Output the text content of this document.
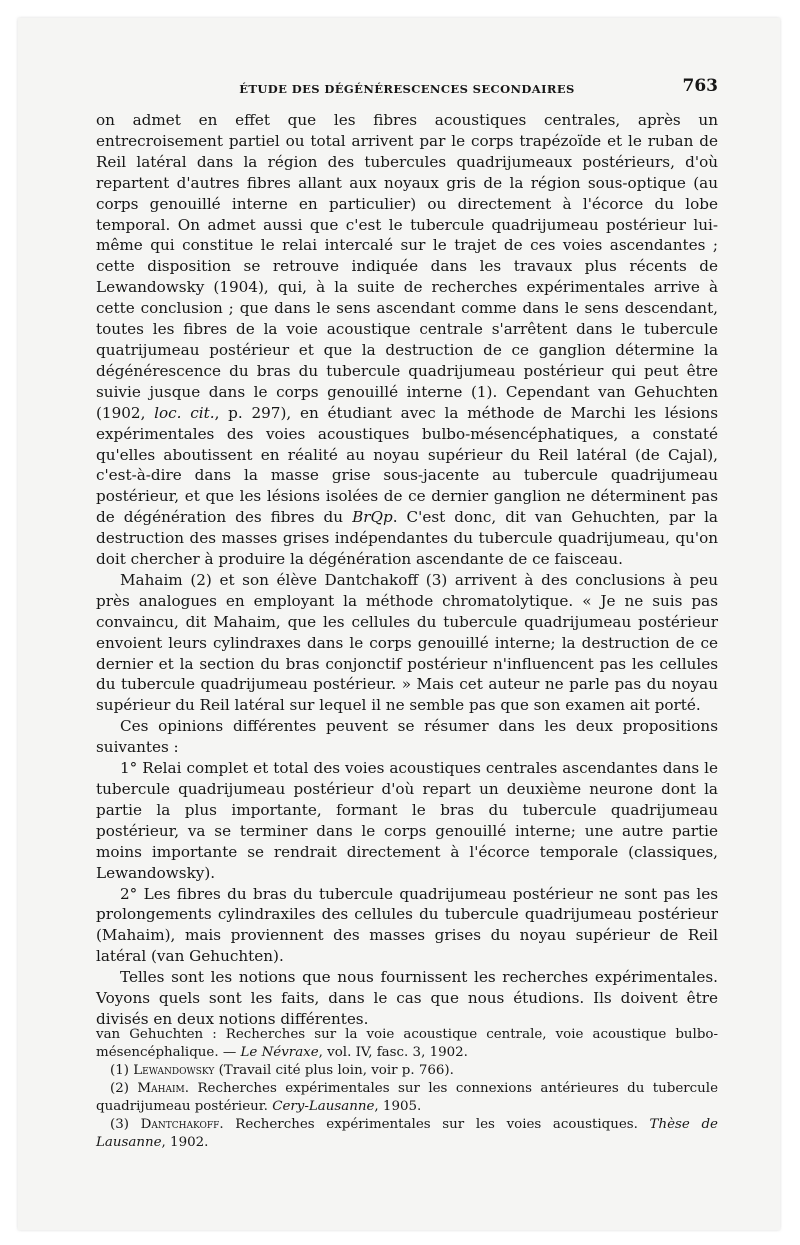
ÉTUDE DES DÉGÉNÉRESCENCES SECONDAIRES	763

on admet en effet que les fibres acoustiques centrales, après un entrecroisement partiel ou total arrivent par le corps trapézoïde et le ruban de Reil latéral dans la région des tubercules quadrijumeaux postérieurs, d'où repartent d'autres fibres allant aux noyaux gris de la région sous-optique (au corps genouillé interne en particulier) ou directement à l'écorce du lobe temporal. On admet aussi que c'est le tubercule quadrijumeau postérieur lui-même qui constitue le relai intercalé sur le trajet de ces voies ascendantes ; cette disposition se retrouve indiquée dans les travaux plus récents de Lewandowsky (1904), qui, à la suite de recherches expérimentales arrive à cette conclusion ; que dans le sens ascendant comme dans le sens descendant, toutes les fibres de la voie acoustique centrale s'arrêtent dans le tubercule quatrijumeau postérieur et que la destruction de ce ganglion détermine la dégénérescence du bras du tubercule quadrijumeau postérieur qui peut être suivie jusque dans le corps genouillé interne (1). Cependant van Gehuchten (1902, loc. cit., p. 297), en étudiant avec la méthode de Marchi les lésions expérimentales des voies acoustiques bulbo-mésencéphatiques, a constaté qu'elles aboutissent en réalité au noyau supérieur du Reil latéral (de Cajal), c'est-à-dire dans la masse grise sous-jacente au tubercule quadrijumeau postérieur, et que les lésions isolées de ce dernier ganglion ne déterminent pas de dégénération des fibres du BrQp. C'est donc, dit van Gehuchten, par la destruction des masses grises indépendantes du tubercule quadrijumeau, qu'on doit chercher à produire la dégénération ascendante de ce faisceau.

Mahaim (2) et son élève Dantchakoff (3) arrivent à des conclusions à peu près analogues en employant la méthode chromatolytique. « Je ne suis pas convaincu, dit Mahaim, que les cellules du tubercule quadrijumeau postérieur envoient leurs cylindraxes dans le corps genouillé interne; la destruction de ce dernier et la section du bras conjonctif postérieur n'influencent pas les cellules du tubercule quadrijumeau postérieur. » Mais cet auteur ne parle pas du noyau supérieur du Reil latéral sur lequel il ne semble pas que son examen ait porté.

Ces opinions différentes peuvent se résumer dans les deux propositions suivantes :

1° Relai complet et total des voies acoustiques centrales ascendantes dans le tubercule quadrijumeau postérieur d'où repart un deuxième neurone dont la partie la plus importante, formant le bras du tubercule quadrijumeau postérieur, va se terminer dans le corps genouillé interne; une autre partie moins importante se rendrait directement à l'écorce temporale (classiques, Lewandowsky).

2° Les fibres du bras du tubercule quadrijumeau postérieur ne sont pas les prolongements cylindraxiles des cellules du tubercule quadrijumeau postérieur (Mahaim), mais proviennent des masses grises du noyau supérieur de Reil latéral (van Gehuchten).

Telles sont les notions que nous fournissent les recherches expérimentales. Voyons quels sont les faits, dans le cas que nous étudions. Ils doivent être divisés en deux notions différentes.

van Gehuchten : Recherches sur la voie acoustique centrale, voie acoustique bulbo-mésencéphalique. — Le Névraxe, vol. IV, fasc. 3, 1902.

(1) Lewandowsky (Travail cité plus loin, voir p. 766).

(2) Mahaim. Recherches expérimentales sur les connexions antérieures du tubercule quadrijumeau postérieur. Cery-Lausanne, 1905.

(3) Dantchakoff. Recherches expérimentales sur les voies acoustiques. Thèse de Lausanne, 1902.
